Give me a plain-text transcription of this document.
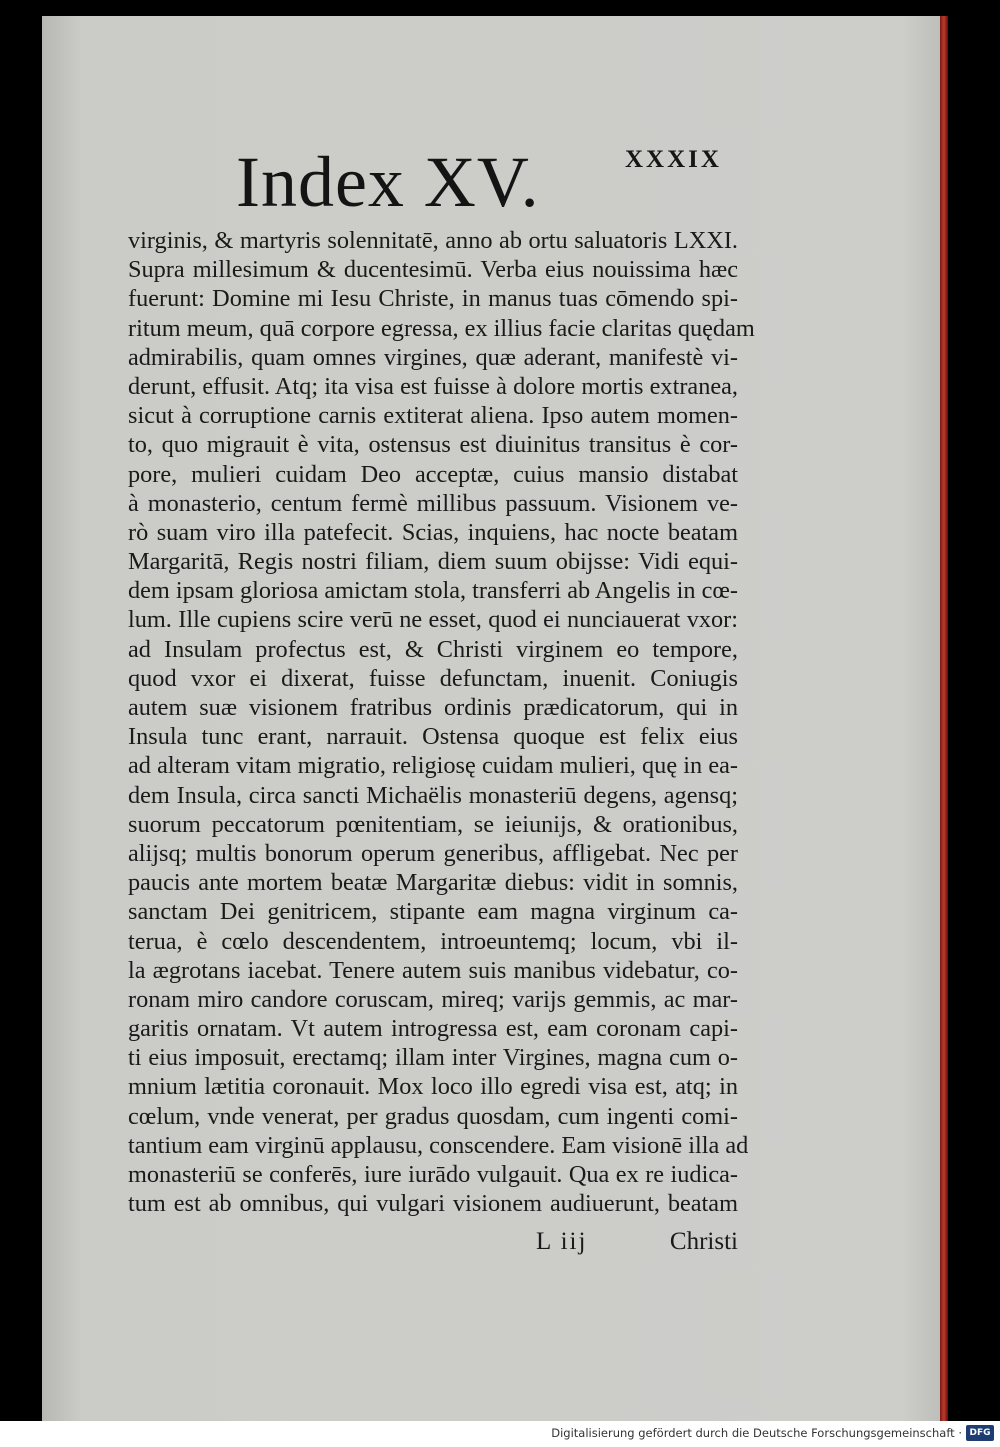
Index XV.	XXXIX
virginis, & martyris solennitatē, anno ab ortu saluatoris LXXI.
Supra millesimum & ducentesimū. Verba eius nouissima hæc
fuerunt: Domine mi Iesu Christe, in manus tuas cōmendo spi-
ritum meum, quā corpore egressa, ex illius facie claritas quędam
admirabilis, quam omnes virgines, quæ aderant, manifestè vi-
derunt, effusit. Atq; ita visa est fuisse à dolore mortis extranea,
sicut à corruptione carnis extiterat aliena. Ipso autem momen-
to, quo migrauit è vita, ostensus est diuinitus transitus è cor-
pore, mulieri cuidam Deo acceptæ, cuius mansio distabat
à monasterio, centum fermè millibus passuum. Visionem ve-
rò suam viro illa patefecit. Scias, inquiens, hac nocte beatam
Margaritā, Regis nostri filiam, diem suum obijsse: Vidi equi-
dem ipsam gloriosa amictam stola, transferri ab Angelis in cœ-
lum. Ille cupiens scire verū ne esset, quod ei nunciauerat vxor:
ad Insulam profectus est, & Christi virginem eo tempore,
quod vxor ei dixerat, fuisse defunctam, inuenit. Coniugis
autem suæ visionem fratribus ordinis prædicatorum, qui in
Insula tunc erant, narrauit. Ostensa quoque est felix eius
ad alteram vitam migratio, religiosę cuidam mulieri, quę in ea-
dem Insula, circa sancti Michaëlis monasteriū degens, agensq;
suorum peccatorum pœnitentiam, se ieiunijs, & orationibus,
alijsq; multis bonorum operum generibus, affligebat. Nec per
paucis ante mortem beatæ Margaritæ diebus: vidit in somnis,
sanctam Dei genitricem, stipante eam magna virginum ca-
terua, è cœlo descendentem, introeuntemq; locum, vbi il-
la ægrotans iacebat. Tenere autem suis manibus videbatur, co-
ronam miro candore coruscam, mireq; varijs gemmis, ac mar-
garitis ornatam. Vt autem introgressa est, eam coronam capi-
ti eius imposuit, erectamq; illam inter Virgines, magna cum o-
mnium lætitia coronauit. Mox loco illo egredi visa est, atq; in
cœlum, vnde venerat, per gradus quosdam, cum ingenti comi-
tantium eam virginū applausu, conscendere. Eam visionē illa ad
monasteriū se conferēs, iure iurādo vulgauit. Qua ex re iudica-
tum est ab omnibus, qui vulgari visionem audiuerunt, beatam
L iij	Christi
Digitalisierung gefördert durch die Deutsche Forschungsgemeinschaft · DFG
